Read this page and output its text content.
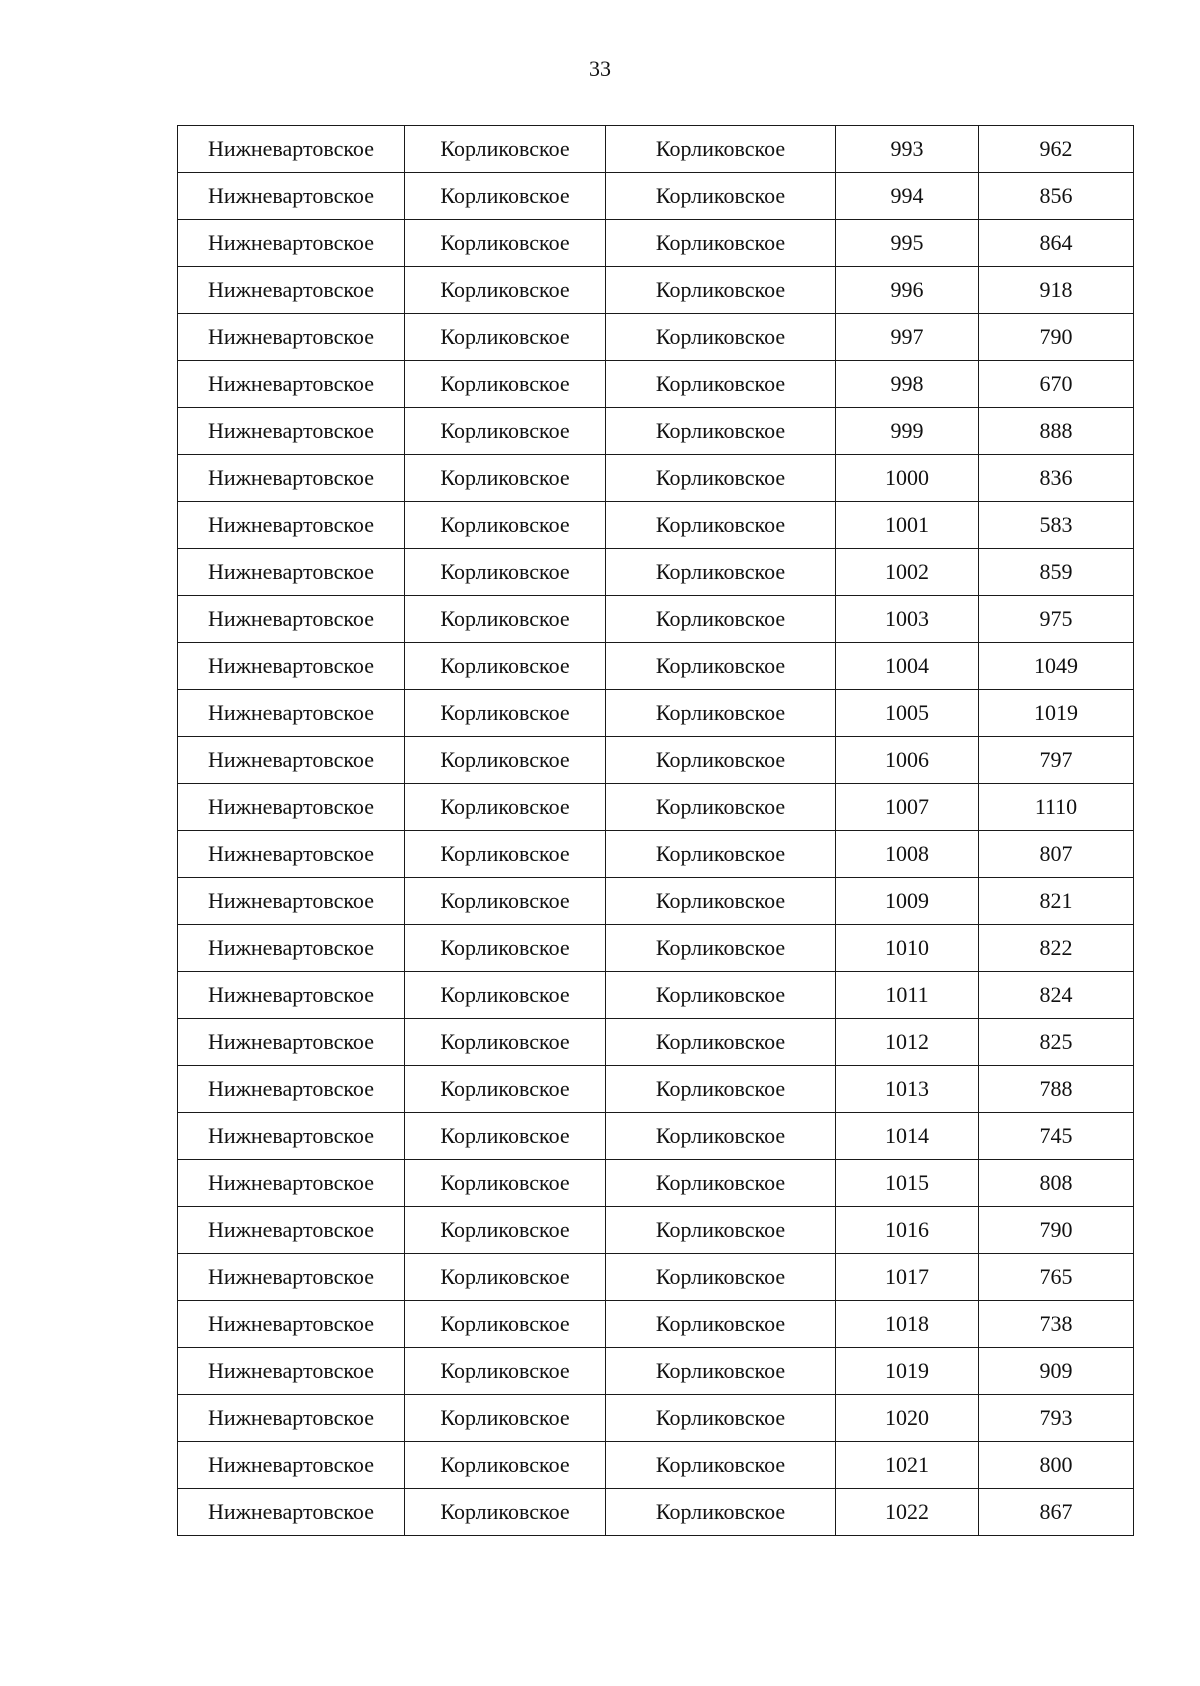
33
Нижневартовское	Корликовское	Корликовское	993	962
Нижневартовское	Корликовское	Корликовское	994	856
Нижневартовское	Корликовское	Корликовское	995	864
Нижневартовское	Корликовское	Корликовское	996	918
Нижневартовское	Корликовское	Корликовское	997	790
Нижневартовское	Корликовское	Корликовское	998	670
Нижневартовское	Корликовское	Корликовское	999	888
Нижневартовское	Корликовское	Корликовское	1000	836
Нижневартовское	Корликовское	Корликовское	1001	583
Нижневартовское	Корликовское	Корликовское	1002	859
Нижневартовское	Корликовское	Корликовское	1003	975
Нижневартовское	Корликовское	Корликовское	1004	1049
Нижневартовское	Корликовское	Корликовское	1005	1019
Нижневартовское	Корликовское	Корликовское	1006	797
Нижневартовское	Корликовское	Корликовское	1007	1110
Нижневартовское	Корликовское	Корликовское	1008	807
Нижневартовское	Корликовское	Корликовское	1009	821
Нижневартовское	Корликовское	Корликовское	1010	822
Нижневартовское	Корликовское	Корликовское	1011	824
Нижневартовское	Корликовское	Корликовское	1012	825
Нижневартовское	Корликовское	Корликовское	1013	788
Нижневартовское	Корликовское	Корликовское	1014	745
Нижневартовское	Корликовское	Корликовское	1015	808
Нижневартовское	Корликовское	Корликовское	1016	790
Нижневартовское	Корликовское	Корликовское	1017	765
Нижневартовское	Корликовское	Корликовское	1018	738
Нижневартовское	Корликовское	Корликовское	1019	909
Нижневартовское	Корликовское	Корликовское	1020	793
Нижневартовское	Корликовское	Корликовское	1021	800
Нижневартовское	Корликовское	Корликовское	1022	867
